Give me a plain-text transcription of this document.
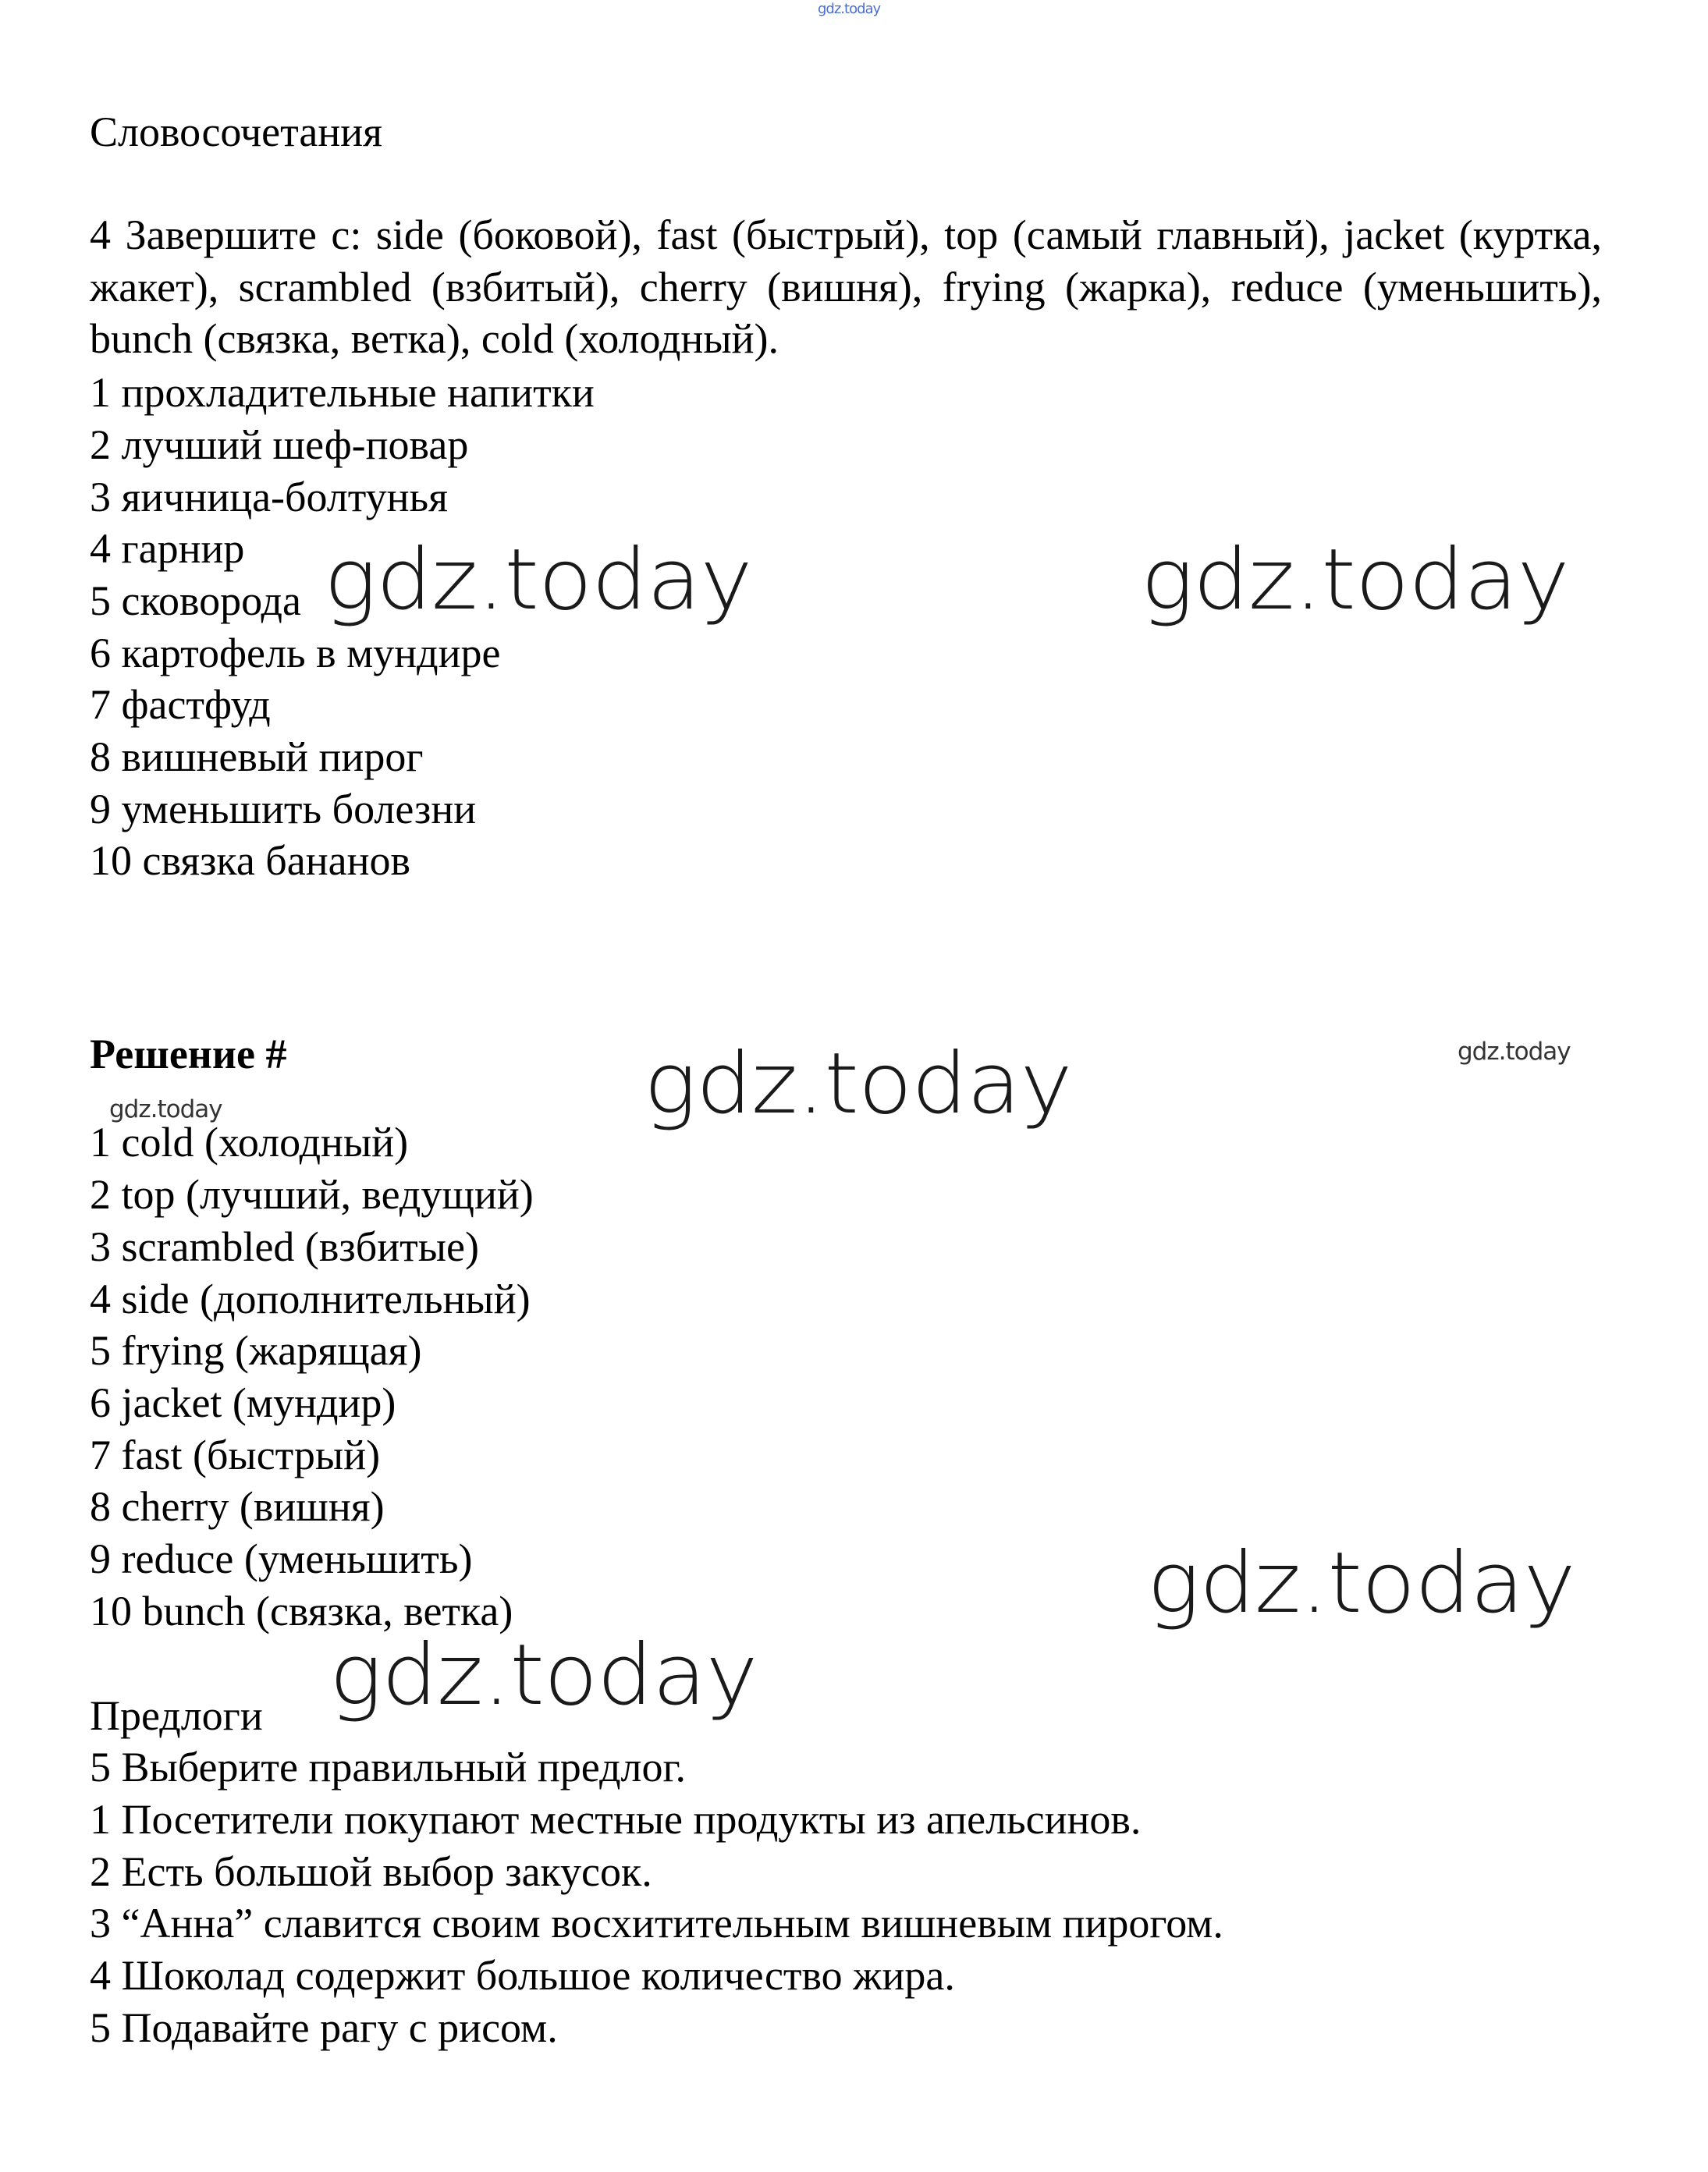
gdz.today
Словосочетания
4 Завершите с: side (боковой), fast (быстрый), top (самый главный), jacket (куртка, жакет), scrambled (взбитый), cherry (вишня), frying (жарка), reduce (уменьшить), bunch (связка, ветка), cold (холодный).
1 прохладительные напитки
2 лучший шеф-повар
3 яичница-болтунья
4 гарнир
5 сковорода
6 картофель в мундире
7 фастфуд
8 вишневый пирог
9 уменьшить болезни
10 связка бананов
Решение #
1 cold (холодный)
2 top (лучший, ведущий)
3 scrambled (взбитые)
4 side (дополнительный)
5 frying (жарящая)
6 jacket (мундир)
7 fast (быстрый)
8 cherry (вишня)
9 reduce (уменьшить)
10 bunch (связка, ветка)
Предлоги
5 Выберите правильный предлог.
1 Посетители покупают местные продукты из апельсинов.
2 Есть большой выбор закусок.
3 “Анна” славится своим восхитительным вишневым пирогом.
4 Шоколад содержит большое количество жира.
5 Подавайте рагу с рисом.
gdz.today	gdz.today
gdz.today
gdz.today
gdz.today
gdz.today
gdz.today
